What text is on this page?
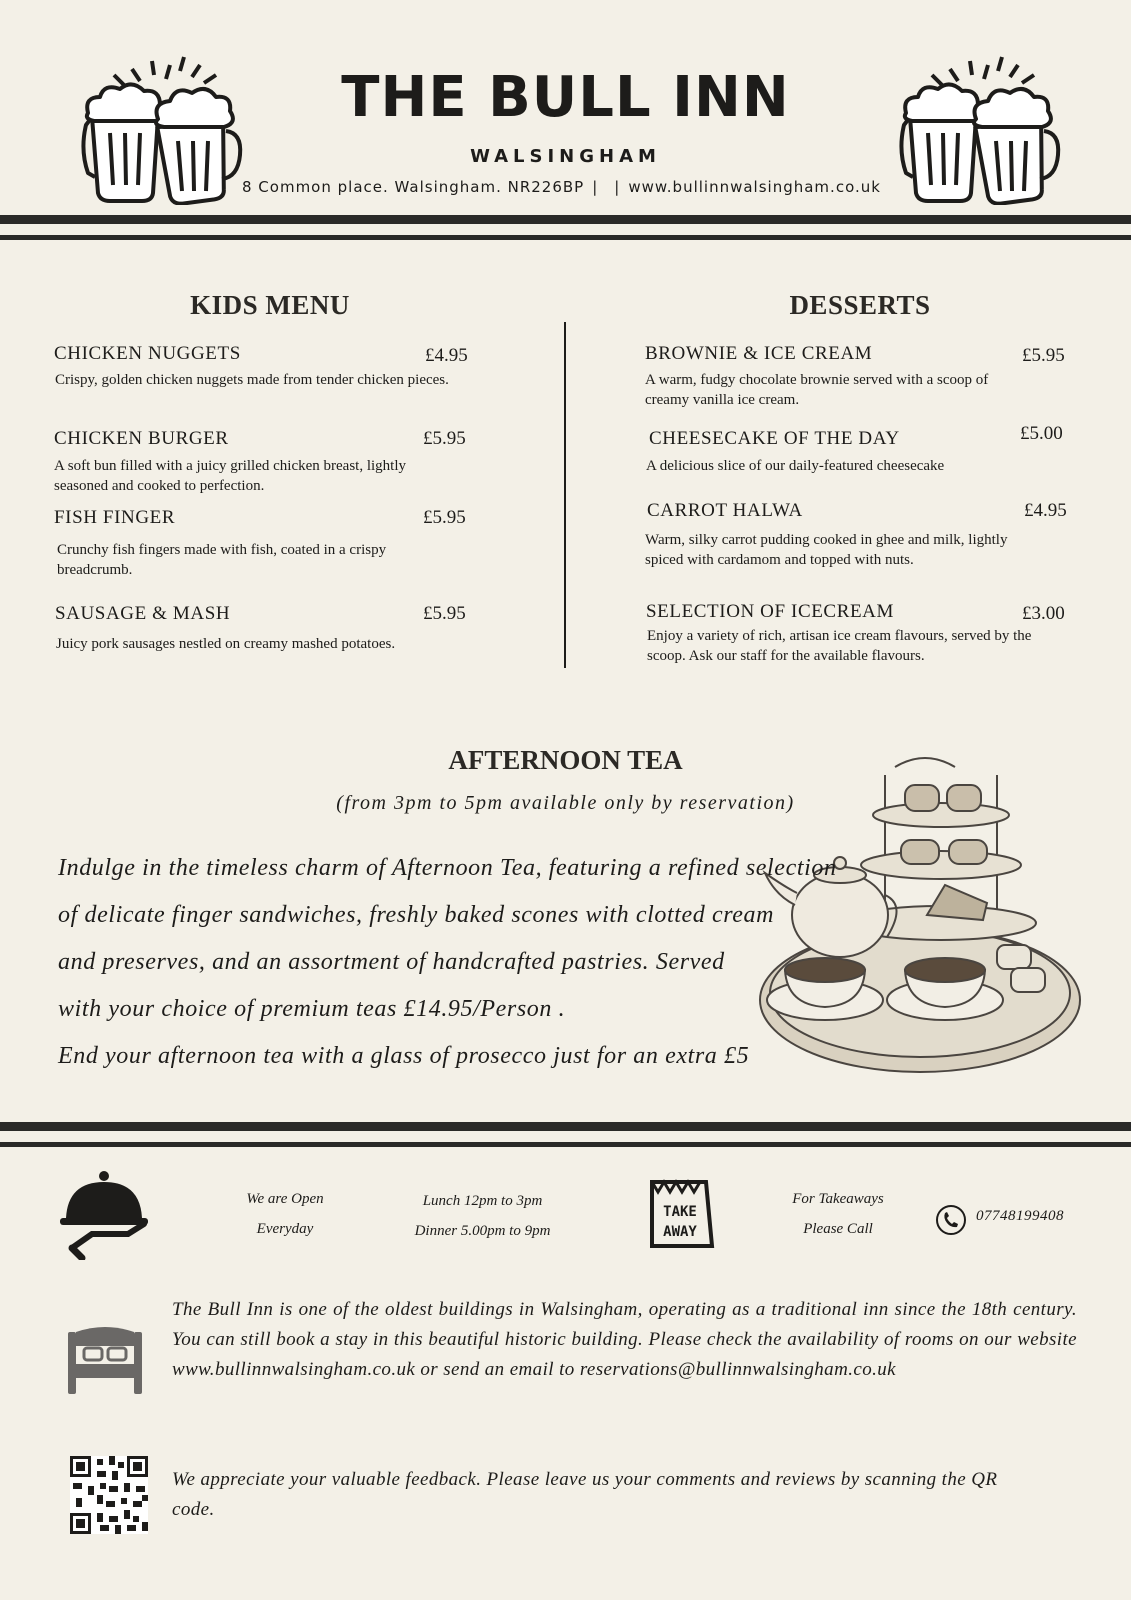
THE BULL INN
WALSINGHAM
8 Common place. Walsingham. NR226BP | | www.bullinnwalsingham.co.uk
KIDS MENU
CHICKEN NUGGETS	£4.95
Crispy, golden chicken nuggets made from tender chicken pieces.
CHICKEN BURGER	£5.95
A soft bun filled with a juicy grilled chicken breast, lightly seasoned and cooked to perfection.
FISH FINGER	£5.95
Crunchy fish fingers made with fish, coated in a crispy breadcrumb.
SAUSAGE & MASH	£5.95
Juicy pork sausages nestled on creamy mashed potatoes.
DESSERTS
BROWNIE & ICE CREAM	£5.95
A warm, fudgy chocolate brownie served with a scoop of creamy vanilla ice cream.
CHEESECAKE OF THE DAY	£5.00
A delicious slice of our daily-featured cheesecake
CARROT HALWA	£4.95
Warm, silky carrot pudding cooked in ghee and milk, lightly spiced with cardamom and topped with nuts.
SELECTION OF ICECREAM	£3.00
Enjoy a variety of rich, artisan ice cream flavours, served by the scoop. Ask our staff for the available flavours.
AFTERNOON TEA
(from 3pm to 5pm available only by reservation)
Indulge in the timeless charm of Afternoon Tea, featuring a refined selection
of delicate finger sandwiches, freshly baked scones with clotted cream
and preserves, and an assortment of handcrafted pastries. Served
with your choice of premium teas £14.95/Person .
End your afternoon tea with a glass of prosecco just for an extra £5
We are Open
Everyday
Lunch 12pm to 3pm
Dinner 5.00pm to 9pm
TAKE
AWAY
For Takeaways
Please Call
07748199408
The Bull Inn is one of the oldest buildings in Walsingham, operating as a traditional inn since the 18th century. You can still book a stay in this beautiful historic building. Please check the availability of rooms on our website www.bullinnwalsingham.co.uk or send an email to reservations@bullinnwalsingham.co.uk
We appreciate your valuable feedback. Please leave us your comments and reviews by scanning the QR code.
